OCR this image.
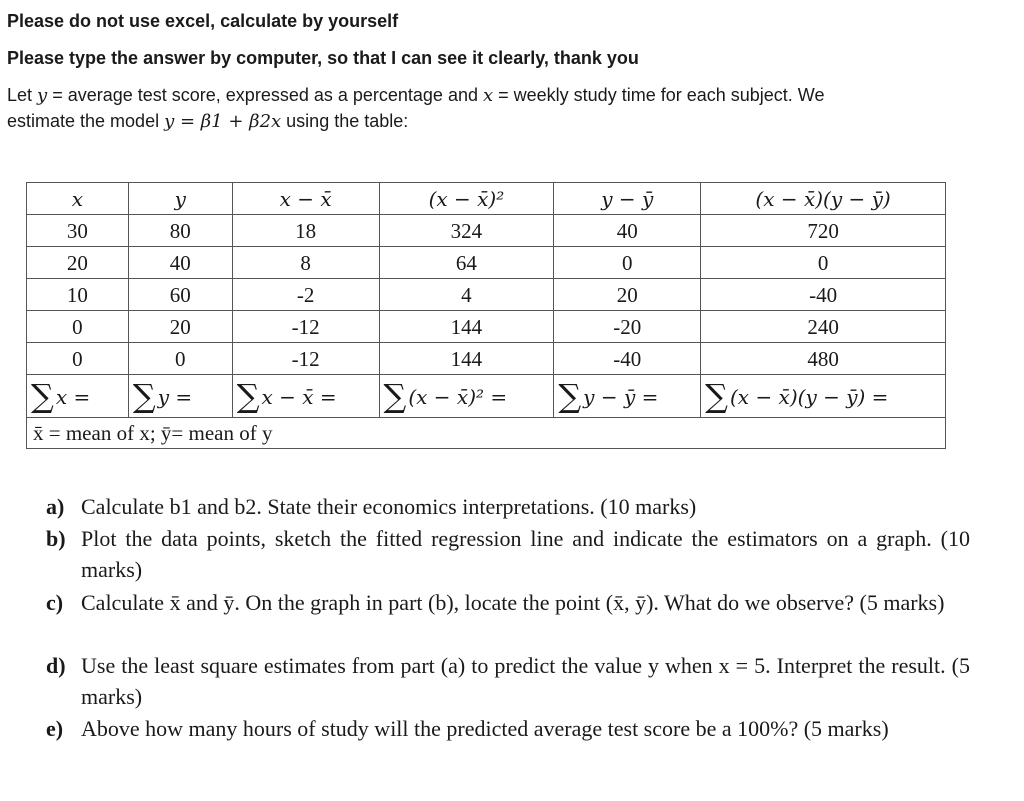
Please do not use excel, calculate by yourself
Please type the answer by computer, so that I can see it clearly, thank you
Let y = average test score, expressed as a percentage and x = weekly study time for each subject. We
estimate the model y = β1 + β2x using the table:
x	y	x − x̄	(x − x̄)²	y − ȳ	(x − x̄)(y − ȳ)
30	80	18	324	40	720
20	40	8	64	0	0
10	60	-2	4	20	-40
0	20	-12	144	-20	240
0	0	-12	144	-40	480
∑ x =	∑ y =	∑ x − x̄ =	∑ (x − x̄)² =	∑ y − ȳ =	∑ (x − x̄)(y − ȳ) =
x̄ = mean of x; ȳ= mean of y					
a) Calculate b1 and b2. State their economics interpretations. (10 marks)
b) Plot the data points, sketch the fitted regression line and indicate the estimators on a graph. (10 marks)
c) Calculate x̄ and ȳ. On the graph in part (b), locate the point (x̄, ȳ). What do we observe? (5 marks)
d) Use the least square estimates from part (a) to predict the value y when x = 5. Interpret the result. (5 marks)
e) Above how many hours of study will the predicted average test score be a 100%? (5 marks)
